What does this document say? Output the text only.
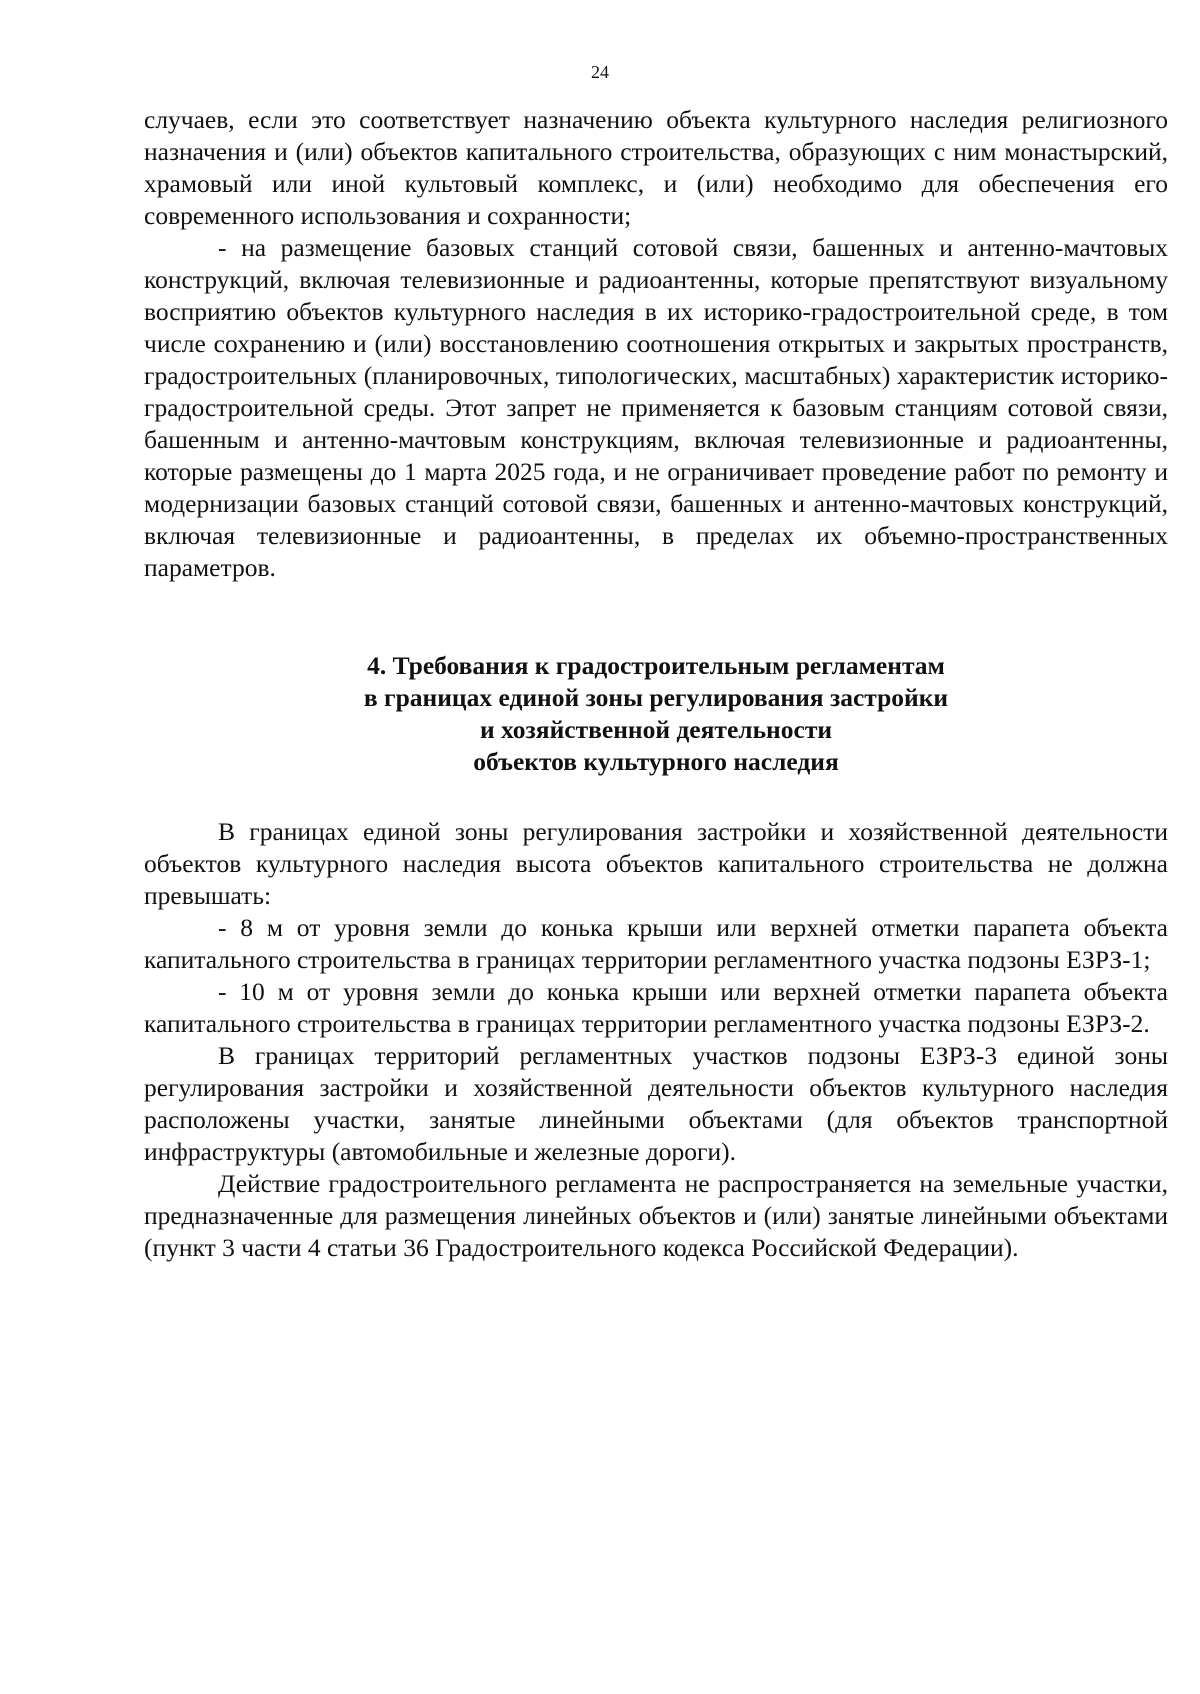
24

случаев, если это соответствует назначению объекта культурного наследия религиозного назначения и (или) объектов капитального строительства, образующих с ним монастырский, храмовый или иной культовый комплекс, и (или) необходимо для обеспечения его современного использования и сохранности;

- на размещение базовых станций сотовой связи, башенных и антенно-мачтовых конструкций, включая телевизионные и радиоантенны, которые препятствуют визуальному восприятию объектов культурного наследия в их историко-градостроительной среде, в том числе сохранению и (или) восстановлению соотношения открытых и закрытых пространств, градостроительных (планировочных, типологических, масштабных) характеристик историко-градостроительной среды. Этот запрет не применяется к базовым станциям сотовой связи, башенным и антенно-мачтовым конструкциям, включая телевизионные и радиоантенны, которые размещены до 1 марта 2025 года, и не ограничивает проведение работ по ремонту и модернизации базовых станций сотовой связи, башенных и антенно-мачтовых конструкций, включая телевизионные и радиоантенны, в пределах их объемно-пространственных параметров.

4. Требования к градостроительным регламентам
в границах единой зоны регулирования застройки
и хозяйственной деятельности
объектов культурного наследия

В границах единой зоны регулирования застройки и хозяйственной деятельности объектов культурного наследия высота объектов капитального строительства не должна превышать:

- 8 м от уровня земли до конька крыши или верхней отметки парапета объекта капитального строительства в границах территории регламентного участка подзоны ЕЗРЗ-1;

- 10 м от уровня земли до конька крыши или верхней отметки парапета объекта капитального строительства в границах территории регламентного участка подзоны ЕЗРЗ-2.

В границах территорий регламентных участков подзоны ЕЗРЗ-3 единой зоны регулирования застройки и хозяйственной деятельности объектов культурного наследия расположены участки, занятые линейными объектами (для объектов транспортной инфраструктуры (автомобильные и железные дороги).

Действие градостроительного регламента не распространяется на земельные участки, предназначенные для размещения линейных объектов и (или) занятые линейными объектами (пункт 3 части 4 статьи 36 Градостроительного кодекса Российской Федерации).
